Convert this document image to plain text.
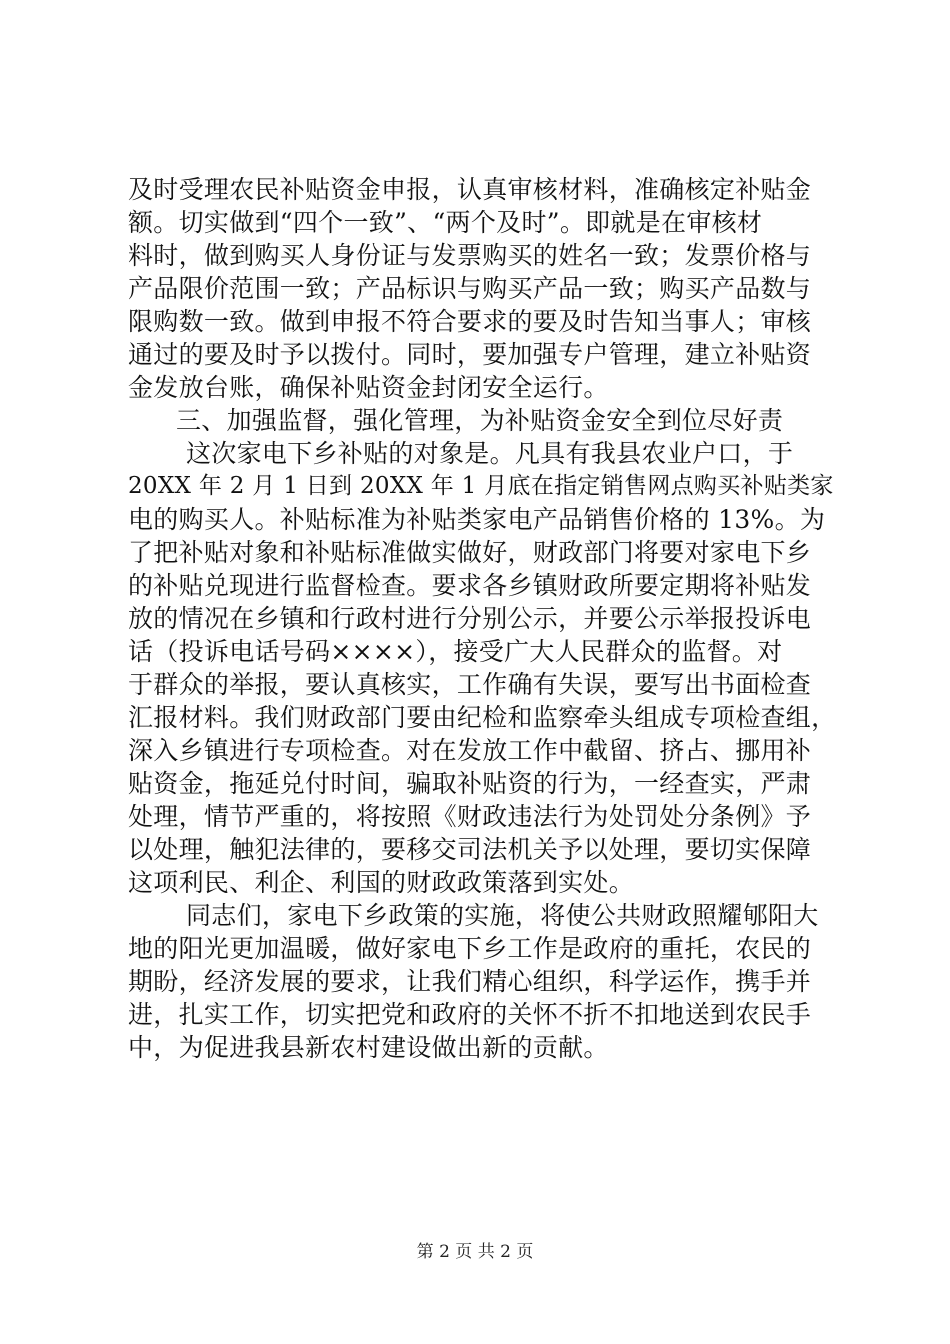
及时受理农民补贴资金申报，认真审核材料，准确核定补贴金
额。切实做到“四个一致”、“两个及时”。即就是在审核材
料时，做到购买人身份证与发票购买的姓名一致；发票价格与
产品限价范围一致；产品标识与购买产品一致；购买产品数与
限购数一致。做到申报不符合要求的要及时告知当事人；审核
通过的要及时予以拨付。同时，要加强专户管理，建立补贴资
金发放台账，确保补贴资金封闭安全运行。
三、加强监督，强化管理，为补贴资金安全到位尽好责
这次家电下乡补贴的对象是。凡具有我县农业户口，于
20XX 年 2 月 1 日到 20XX 年 1 月底在指定销售网点购买补贴类家
电的购买人。补贴标准为补贴类家电产品销售价格的 13%。为
了把补贴对象和补贴标准做实做好，财政部门将要对家电下乡
的补贴兑现进行监督检查。要求各乡镇财政所要定期将补贴发
放的情况在乡镇和行政村进行分别公示，并要公示举报投诉电
话（投诉电话号码××××），接受广大人民群众的监督。对
于群众的举报，要认真核实，工作确有失误，要写出书面检查
汇报材料。我们财政部门要由纪检和监察牵头组成专项检查组，
深入乡镇进行专项检查。对在发放工作中截留、挤占、挪用补
贴资金，拖延兑付时间，骗取补贴资的行为，一经查实，严肃
处理，情节严重的，将按照《财政违法行为处罚处分条例》予
以处理，触犯法律的，要移交司法机关予以处理，要切实保障
这项利民、利企、利国的财政政策落到实处。
同志们，家电下乡政策的实施，将使公共财政照耀郇阳大
地的阳光更加温暖，做好家电下乡工作是政府的重托，农民的
期盼，经济发展的要求，让我们精心组织，科学运作，携手并
进，扎实工作，切实把党和政府的关怀不折不扣地送到农民手
中，为促进我县新农村建设做出新的贡献。
第 2 页 共 2 页
